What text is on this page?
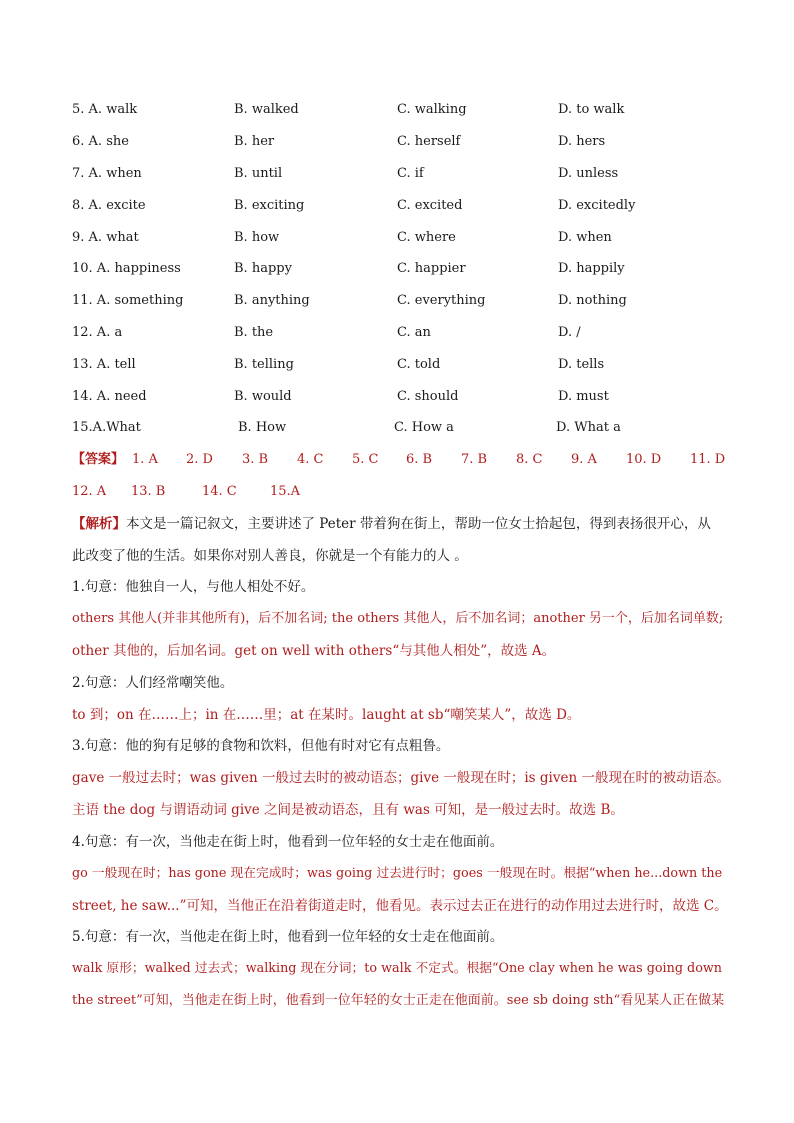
5. A. walk	B. walked	C. walking	D. to walk
6. A. she	B. her	C. herself	D. hers
7. A. when	B. until	C. if	D. unless
8. A. excite	B. exciting	C. excited	D. excitedly
9. A. what	B. how	C. where	D. when
10. A. happiness	B. happy	C. happier	D. happily
11. A. something	B. anything	C. everything	D. nothing
12. A. a	B. the	C. an	D. /
13. A. tell	B. telling	C. told	D. tells
14. A. need	B. would	C. should	D. must
15.A.What	B. How	C. How a	D. What a
【答案】 1. A 2. D 3. B 4. C 5. C 6. B 7. B 8. C 9. A 10. D 11. D
12. A 13. B	14. C	15.A
【解析】本文是一篇记叙文，主要讲述了 Peter 带着狗在街上，帮助一位女士拾起包，得到表扬很开心，从
此改变了他的生活。如果你对别人善良，你就是一个有能力的人 。
1.句意：他独自一人，与他人相处不好。
others 其他人(并非其他所有)，后不加名词; the others 其他人，后不加名词；another 另一个，后加名词单数;
other 其他的，后加名词。get on well with others“与其他人相处”，故选 A。
2.句意：人们经常嘲笑他。
to 到；on 在……上；in 在……里；at 在某时。laught at sb“嘲笑某人”，故选 D。
3.句意：他的狗有足够的食物和饮料，但他有时对它有点粗鲁。
gave 一般过去时；was given 一般过去时的被动语态；give 一般现在时；is given 一般现在时的被动语态。
主语 the dog 与谓语动词 give 之间是被动语态，且有 was 可知，是一般过去时。故选 B。
4.句意：有一次，当他走在街上时，他看到一位年轻的女士走在他面前。
go 一般现在时；has gone 现在完成时；was going 过去进行时；goes 一般现在时。根据“when he...down the
street, he saw...”可知，当他正在沿着街道走时，他看见。表示过去正在进行的动作用过去进行时，故选 C。
5.句意：有一次，当他走在街上时，他看到一位年轻的女士走在他面前。
walk 原形；walked 过去式；walking 现在分词；to walk 不定式。根据“One clay when he was going down
the street”可知，当他走在街上时，他看到一位年轻的女士正走在他面前。see sb doing sth“看见某人正在做某
